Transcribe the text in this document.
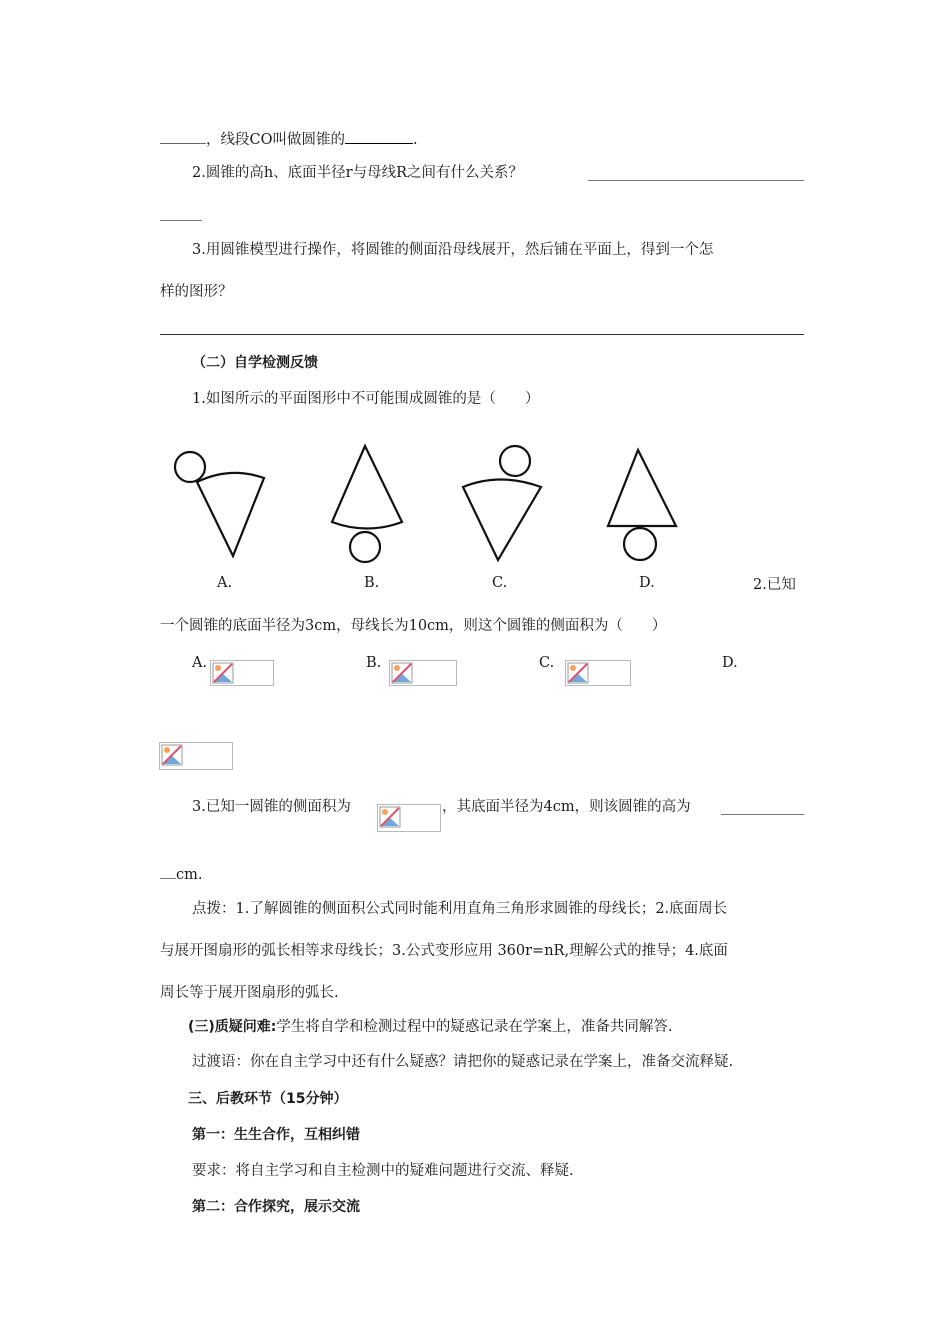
，线段CO叫做圆锥的	.
2.圆锥的高h、底面半径r与母线R之间有什么关系？
3.用圆锥模型进行操作，将圆锥的侧面沿母线展开，然后铺在平面上，得到一个怎
样的图形？
（二）自学检测反馈
1.如图所示的平面图形中不可能围成圆锥的是（　　）
A.	B.	C.	D.	2.已知
一个圆锥的底面半径为3cm，母线长为10cm，则这个圆锥的侧面积为（　　）
A.	B.	C.	D.
3.已知一圆锥的侧面积为	，其底面半径为4cm，则该圆锥的高为
cm.
点拨：1.了解圆锥的侧面积公式同时能利用直角三角形求圆锥的母线长；2.底面周长
与展开图扇形的弧长相等求母线长；3.公式变形应用 360r=nR,理解公式的推导；4.底面
周长等于展开图扇形的弧长.
(三)质疑问难:学生将自学和检测过程中的疑惑记录在学案上，准备共同解答.
过渡语：你在自主学习中还有什么疑惑？请把你的疑惑记录在学案上，准备交流释疑.
三、后教环节（15分钟）
第一：生生合作，互相纠错
要求：将自主学习和自主检测中的疑难问题进行交流、释疑.
第二：合作探究，展示交流
